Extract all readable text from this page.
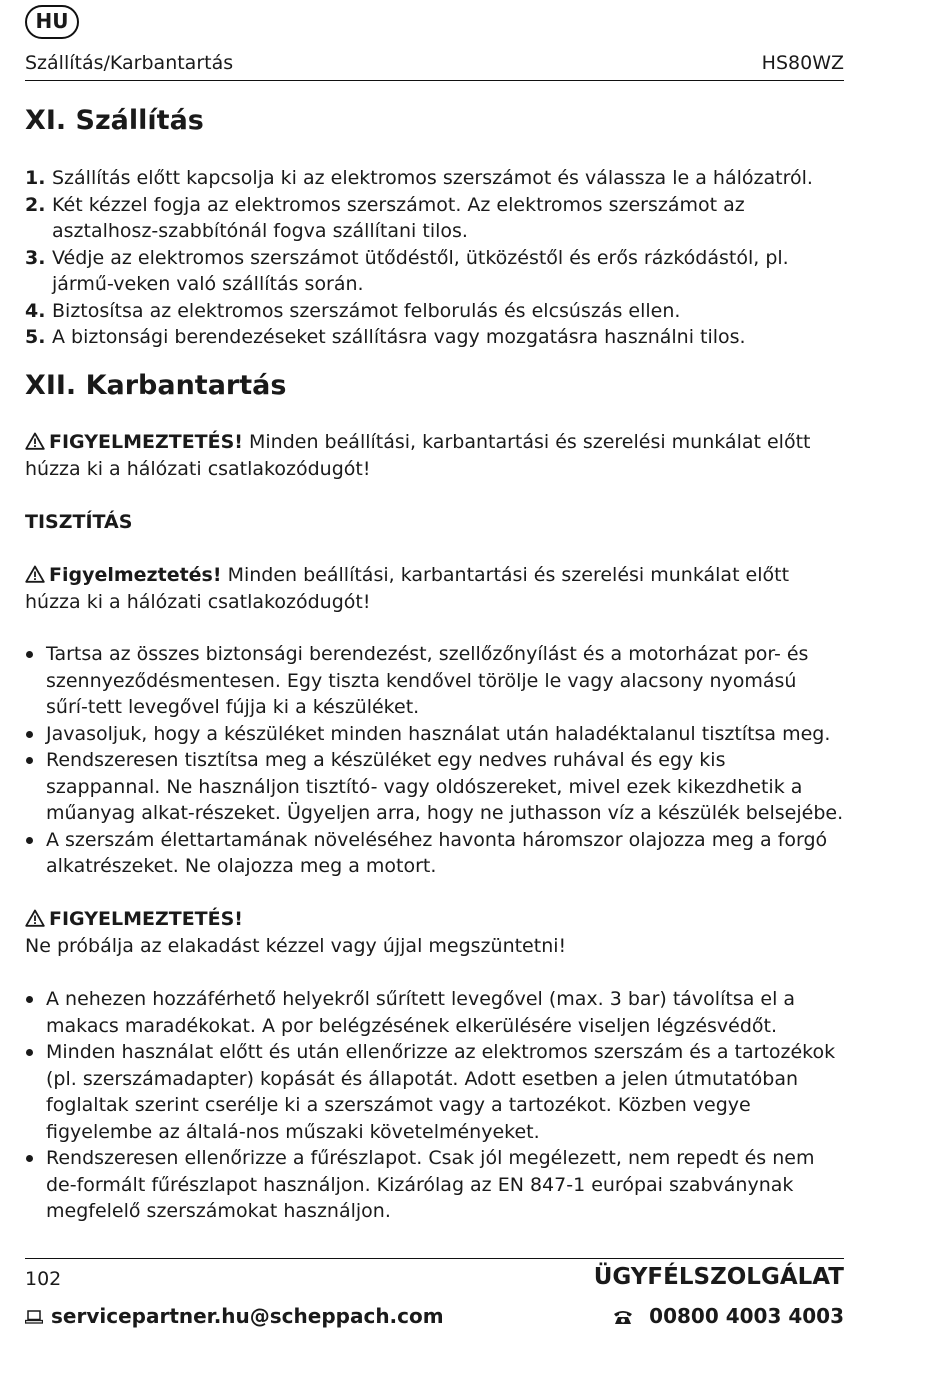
HU
Szállítás/Karbantartás	HS80WZ
XI. Szállítás
1. Szállítás előtt kapcsolja ki az elektromos szerszámot és válassza le a hálózatról.
2. Két kézzel fogja az elektromos szerszámot. Az elektromos szerszámot az asztalhosz-szabbítónál fogva szállítani tilos.
3. Védje az elektromos szerszámot ütődéstől, ütközéstől és erős rázkódástól, pl. jármű-veken való szállítás során.
4. Biztosítsa az elektromos szerszámot felborulás és elcsúszás ellen.
5. A biztonsági berendezéseket szállításra vagy mozgatásra használni tilos.
XII. Karbantartás
FIGYELMEZTETÉS! Minden beállítási, karbantartási és szerelési munkálat előtt húzza ki a hálózati csatlakozódugót!
TISZTÍTÁS
Figyelmeztetés! Minden beállítási, karbantartási és szerelési munkálat előtt húzza ki a hálózati csatlakozódugót!
Tartsa az összes biztonsági berendezést, szellőzőnyílást és a motorházat por- és szennyeződésmentesen. Egy tiszta kendővel törölje le vagy alacsony nyomású sűrí-tett levegővel fújja ki a készüléket.
Javasoljuk, hogy a készüléket minden használat után haladéktalanul tisztítsa meg.
Rendszeresen tisztítsa meg a készüléket egy nedves ruhával és egy kis szappannal. Ne használjon tisztító- vagy oldószereket, mivel ezek kikezdhetik a műanyag alkat-részeket. Ügyeljen arra, hogy ne juthasson víz a készülék belsejébe.
A szerszám élettartamának növeléséhez havonta háromszor olajozza meg a forgó alkatrészeket. Ne olajozza meg a motort.
FIGYELMEZTETÉS!
Ne próbálja az elakadást kézzel vagy újjal megszüntetni!
A nehezen hozzáférhető helyekről sűrített levegővel (max. 3 bar) távolítsa el a makacs maradékokat. A por belégzésének elkerülésére viseljen légzésvédőt.
Minden használat előtt és után ellenőrizze az elektromos szerszám és a tartozékok (pl. szerszámadapter) kopását és állapotát. Adott esetben a jelen útmutatóban foglaltak szerint cserélje ki a szerszámot vagy a tartozékot. Közben vegye figyelembe az általá-nos műszaki követelményeket.
Rendszeresen ellenőrizze a fűrészlapot. Csak jól megélezett, nem repedt és nem de-formált fűrészlapot használjon. Kizárólag az EN 847-1 európai szabványnak megfelelő szerszámokat használjon.
102	ÜGYFÉLSZOLGÁLAT
servicepartner.hu@scheppach.com	00800 4003 4003
